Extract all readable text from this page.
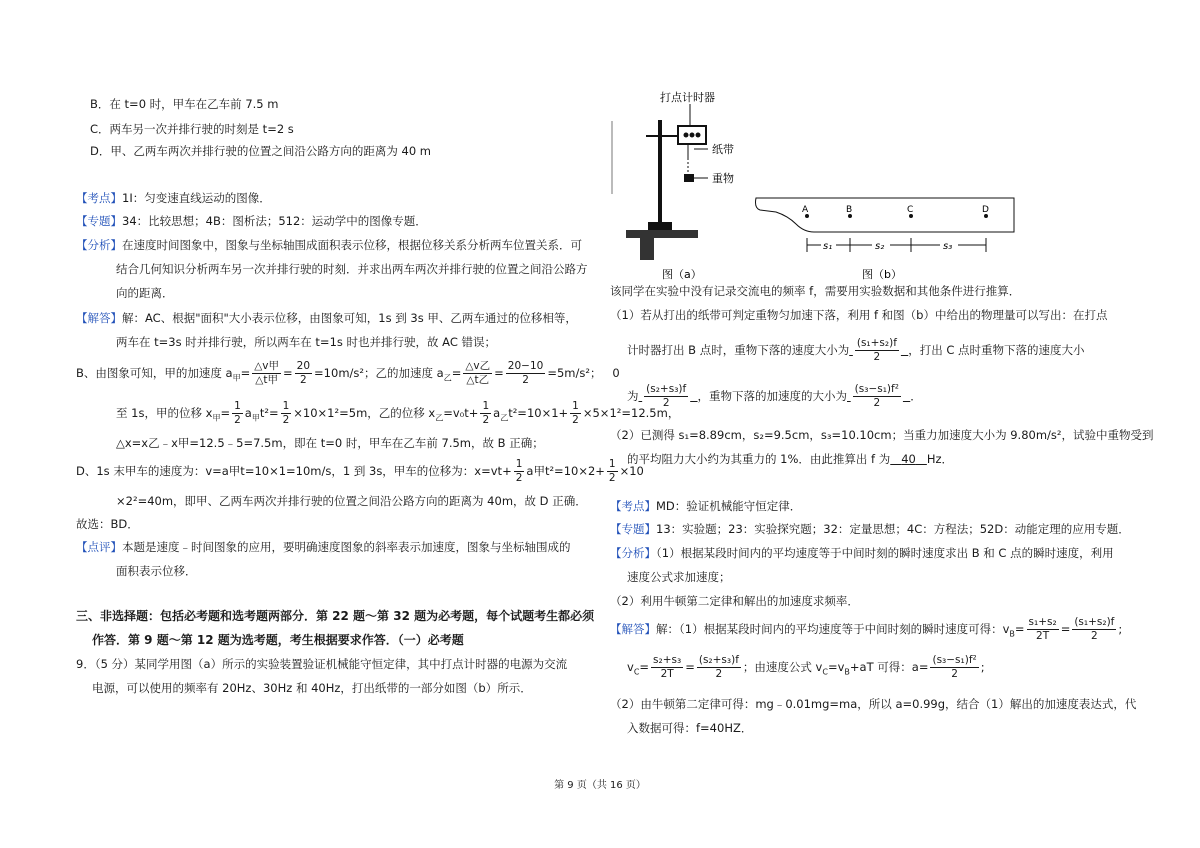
B．在 t=0 时，甲车在乙车前 7.5 m
C．两车另一次并排行驶的时刻是 t=2 s
D．甲、乙两车两次并排行驶的位置之间沿公路方向的距离为 40 m
【考点】1I：匀变速直线运动的图像．
【专题】34：比较思想；4B：图析法；512：运动学中的图像专题．
【分析】在速度时间图象中，图象与坐标轴围成面积表示位移，根据位移关系分析两车位置关系．可
结合几何知识分析两车另一次并排行驶的时刻．并求出两车两次并排行驶的位置之间沿公路方
向的距离．
【解答】解：AC、根据"面积"大小表示位移，由图象可知，1s 到 3s 甲、乙两车通过的位移相等，
两车在 t=3s 时并排行驶，所以两车在 t=1s 时也并排行驶，故 AC 错误；
B、由图象可知，甲的加速度 $a_甲= \frac{\text{△v甲}}{\text{△t甲}} = \frac{20}{2} =10m/s^2$；乙的加速度 $a_乙= \frac{\text{△v乙}}{\text{△t乙}} = \frac{20-10}{2} =5m/s^2$； 0
至 1s，甲的位移 $x_甲= \frac{1}{2} a_甲t^2= \frac{1}{2} \times 10\times 1^2=5m$，乙的位移 $x_乙=v_0t+ \frac{1}{2} a_乙t^2=10\times 1+ \frac{1}{2} \times 5\times 1^2=12.5m$，
△x=x乙﹣x甲=12.5﹣5=7.5m，即在 t=0 时，甲车在乙车前 7.5m，故 B 正确；
D、1s 末甲车的速度为：v=a甲t=10×1=10m/s，1 到 3s，甲车的位移为：$x=vt+ \frac{1}{2}$ a甲$t^2=10\times 2+ \frac{1}{2} \times 10$
×2²=40m，即甲、乙两车两次并排行驶的位置之间沿公路方向的距离为 40m，故 D 正确．
故选：BD．
【点评】本题是速度﹣时间图象的应用，要明确速度图象的斜率表示加速度，图象与坐标轴围成的
面积表示位移．
三、非选择题：包括必考题和选考题两部分．第 22 题～第 32 题为必考题，每个试题考生都必须
作答．第 9 题～第 12 题为选考题，考生根据要求作答．（一）必考题
9．（5 分）某同学用图（a）所示的实验装置验证机械能守恒定律，其中打点计时器的电源为交流
电源，可以使用的频率有 20Hz、30Hz 和 40Hz，打出纸带的一部分如图（b）所示．
打点计时器
纸带
重物
A	B	C	D
s₁	s₂	s₃
图（a）	图（b）
该同学在实验中没有记录交流电的频率 f，需要用实验数据和其他条件进行推算．
（1）若从打出的纸带可判定重物匀加速下落，利用 f 和图（b）中给出的物理量可以写出：在打点
计时器打出 B 点时，重物下落的速度大小为 $\frac{\text{(s₁+s₂)f}}{2}$ ，打出 C 点时重物下落的速度大小
为 $\frac{\text{(s₂+s₃)f}}{2}$ ，重物下落的加速度的大小为 $\frac{\text{(s₃−s₁)f²}}{2}$ ．
（2）已测得 s₁=8.89cm，s₂=9.5cm，s₃=10.10cm；当重力加速度大小为 9.80m/s²，试验中重物受到
的平均阻力大小约为其重力的 1%．由此推算出 f 为 40 Hz．
【考点】MD：验证机械能守恒定律．
【专题】13：实验题；23：实验探究题；32：定量思想；4C：方程法；52D：动能定理的应用专题．
【分析】（1）根据某段时间内的平均速度等于中间时刻的瞬时速度求出 B 和 C 点的瞬时速度，利用
速度公式求加速度；
（2）利用牛顿第二定律和解出的加速度求频率．
【解答】解：（1）根据某段时间内的平均速度等于中间时刻的瞬时速度可得：$v_B= \frac{\text{s₁+s₂}}{2T} = \frac{\text{(s₁+s₂)f}}{2}$ ;
$v_C= \frac{\text{s₂+s₃}}{2T} = \frac{\text{(s₂+s₃)f}}{2}$ ；由速度公式 $v_C=v_B+aT$ 可得：$a= \frac{\text{(s₃−s₁)f²}}{2}$ ;
（2）由牛顿第二定律可得：mg﹣0.01mg=ma，所以 a=0.99g，结合（1）解出的加速度表达式，代
入数据可得：f=40HZ．
第 9 页（共 16 页）
